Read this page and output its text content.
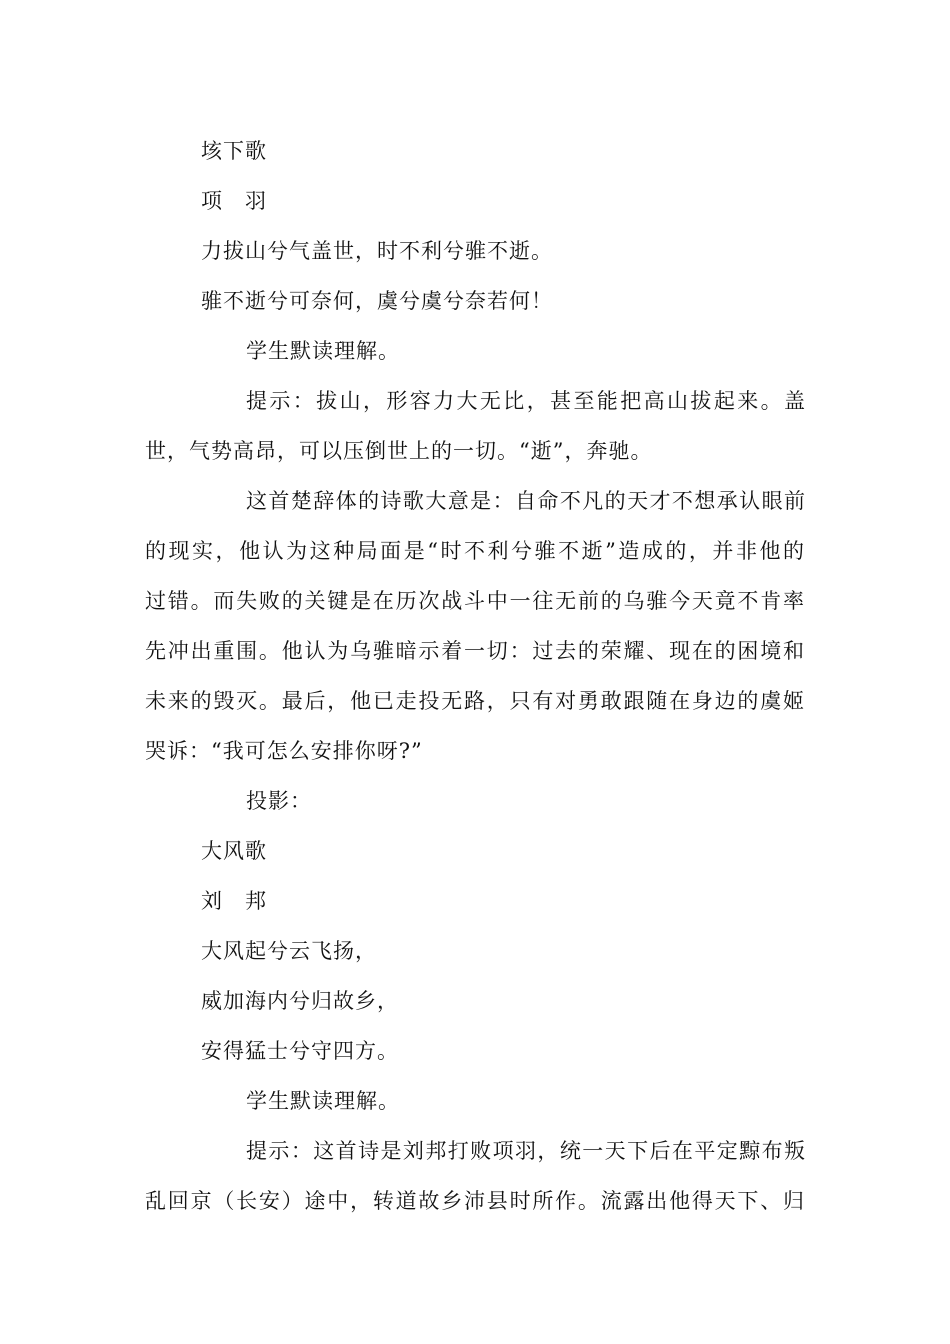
垓下歌
项　羽
力拔山兮气盖世，时不利兮骓不逝。
骓不逝兮可奈何，虞兮虞兮奈若何！
学生默读理解。
提示：拔山，形容力大无比，甚至能把高山拔起来。盖
世，气势高昂，可以压倒世上的一切。“逝”，奔驰。
这首楚辞体的诗歌大意是：自命不凡的天才不想承认眼前
的现实，他认为这种局面是“时不利兮骓不逝”造成的，并非他的
过错。而失败的关键是在历次战斗中一往无前的乌骓今天竟不肯率
先冲出重围。他认为乌骓暗示着一切：过去的荣耀、现在的困境和
未来的毁灭。最后，他已走投无路，只有对勇敢跟随在身边的虞姬
哭诉：“我可怎么安排你呀?”
投影：
大风歌
刘　邦
大风起兮云飞扬，
威加海内兮归故乡，
安得猛士兮守四方。
学生默读理解。
提示：这首诗是刘邦打败项羽，统一天下后在平定黥布叛
乱回京（长安）途中，转道故乡沛县时所作。流露出他得天下、归
